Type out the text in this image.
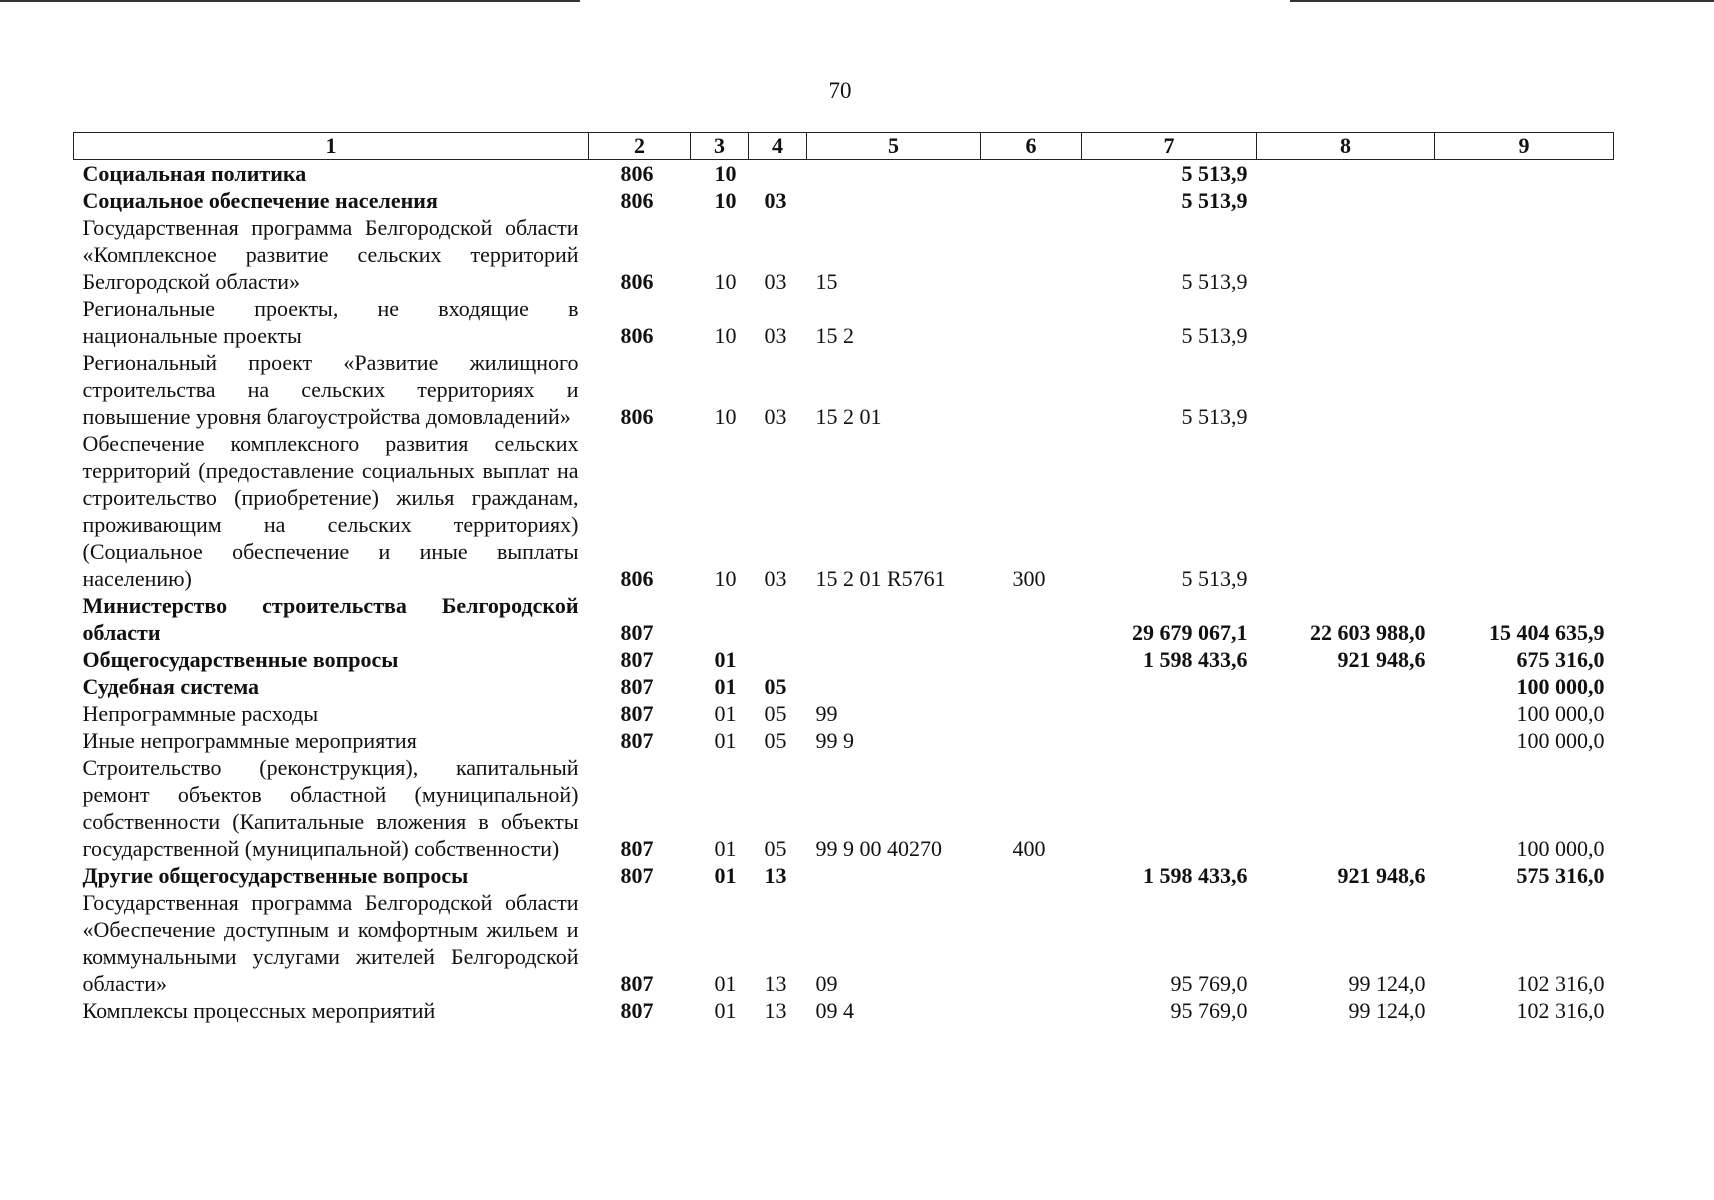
70
1	2	3	4	5	6	7	8	9
Социальная политика	806	10				5 513,9		
Социальное обеспечение населения	806	10	03			5 513,9		
Государственная программа Белгородской области «Комплексное развитие сельских территорий Белгородской области»	806	10	03	15		5 513,9		
Региональные проекты, не входящие в национальные проекты	806	10	03	15 2		5 513,9		
Региональный проект «Развитие жилищного строительства на сельских территориях и повышение уровня благоустройства домовладений»	806	10	03	15 2 01		5 513,9		
Обеспечение комплексного развития сельских территорий (предоставление социальных выплат на строительство (приобретение) жилья гражданам, проживающим на сельских территориях) (Социальное обеспечение и иные выплаты населению)	806	10	03	15 2 01 R5761	300	5 513,9		
Министерство строительства Белгородской области	807					29 679 067,1	22 603 988,0	15 404 635,9
Общегосударственные вопросы	807	01				1 598 433,6	921 948,6	675 316,0
Судебная система	807	01	05					100 000,0
Непрограммные расходы	807	01	05	99				100 000,0
Иные непрограммные мероприятия	807	01	05	99 9				100 000,0
Строительство (реконструкция), капитальный ремонт объектов областной (муниципальной) собственности (Капитальные вложения в объекты государственной (муниципальной) собственности)	807	01	05	99 9 00 40270	400			100 000,0
Другие общегосударственные вопросы	807	01	13			1 598 433,6	921 948,6	575 316,0
Государственная программа Белгородской области «Обеспечение доступным и комфортным жильем и коммунальными услугами жителей Белгородской области»	807	01	13	09		95 769,0	99 124,0	102 316,0
Комплексы процессных мероприятий	807	01	13	09 4		95 769,0	99 124,0	102 316,0
